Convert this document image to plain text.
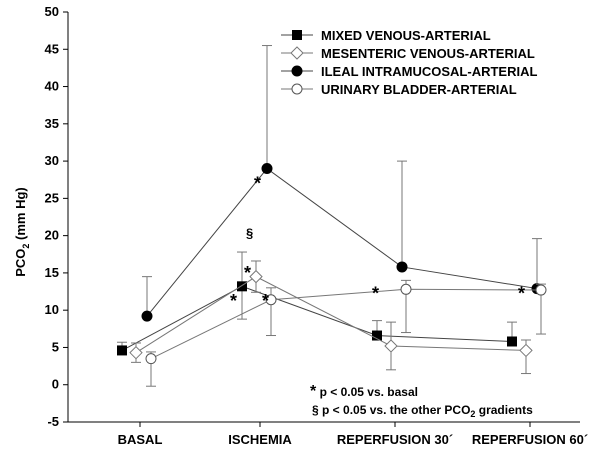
BASAL	ISCHEMIA	REPERFUSION 30´ REPERFUSION 60´
-5
0
5
10
15
20
25
30
35
40
45
50
$PCO_2$ (mm Hg)
*
§
*
* *	*	*
MIXED VENOUS-ARTERIAL
MESENTERIC VENOUS-ARTERIAL
ILEAL INTRAMUCOSAL-ARTERIAL
URINARY BLADDER-ARTERIAL
* p < 0.05 vs. basal
§ p < 0.05 vs. the other $PCO_2$ gradients
